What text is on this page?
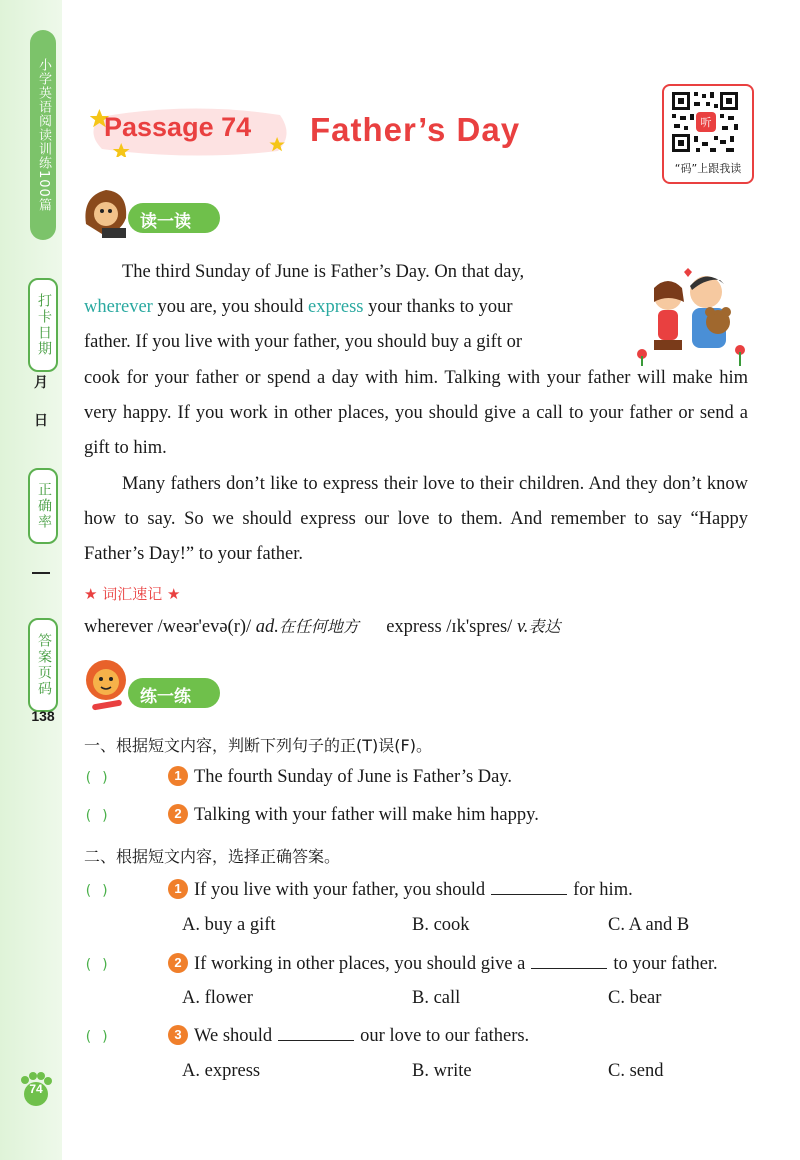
小学英语阅读训练100篇
打卡日期
月
日
正确率
答案页码
138
74
Passage 74 Father’s Day	听
“码”上跟我读
读一读
The third Sunday of June is Father’s Day. On that day,
wherever you are, you should express your thanks to your
father. If you live with your father, you should buy a gift or
cook for your father or spend a day with him. Talking with your father will make him very happy. If you work in other places, you should give a call to your father or send a gift to him.
Many fathers don’t like to express their love to their children. And they don’t know how to say. So we should express our love to them. And remember to say “Happy Father’s Day!” to your father.
★ 词汇速记 ★
wherever /weər'evə(r)/ ad.在任何地方 express /ɪk'spres/ v.表达
练一练
一、根据短文内容，判断下列句子的正(T)误(F)。
( )	1 The fourth Sunday of June is Father’s Day.
( )	2 Talking with your father will make him happy.
二、根据短文内容，选择正确答案。
( )	1 If you live with your father, you should	for him.
A. buy a gift	B. cook	C. A and B
( )	2 If working in other places, you should give a	to your father.
A. flower	B. call	C. bear
( )	3 We should	our love to our fathers.
A. express	B. write	C. send
